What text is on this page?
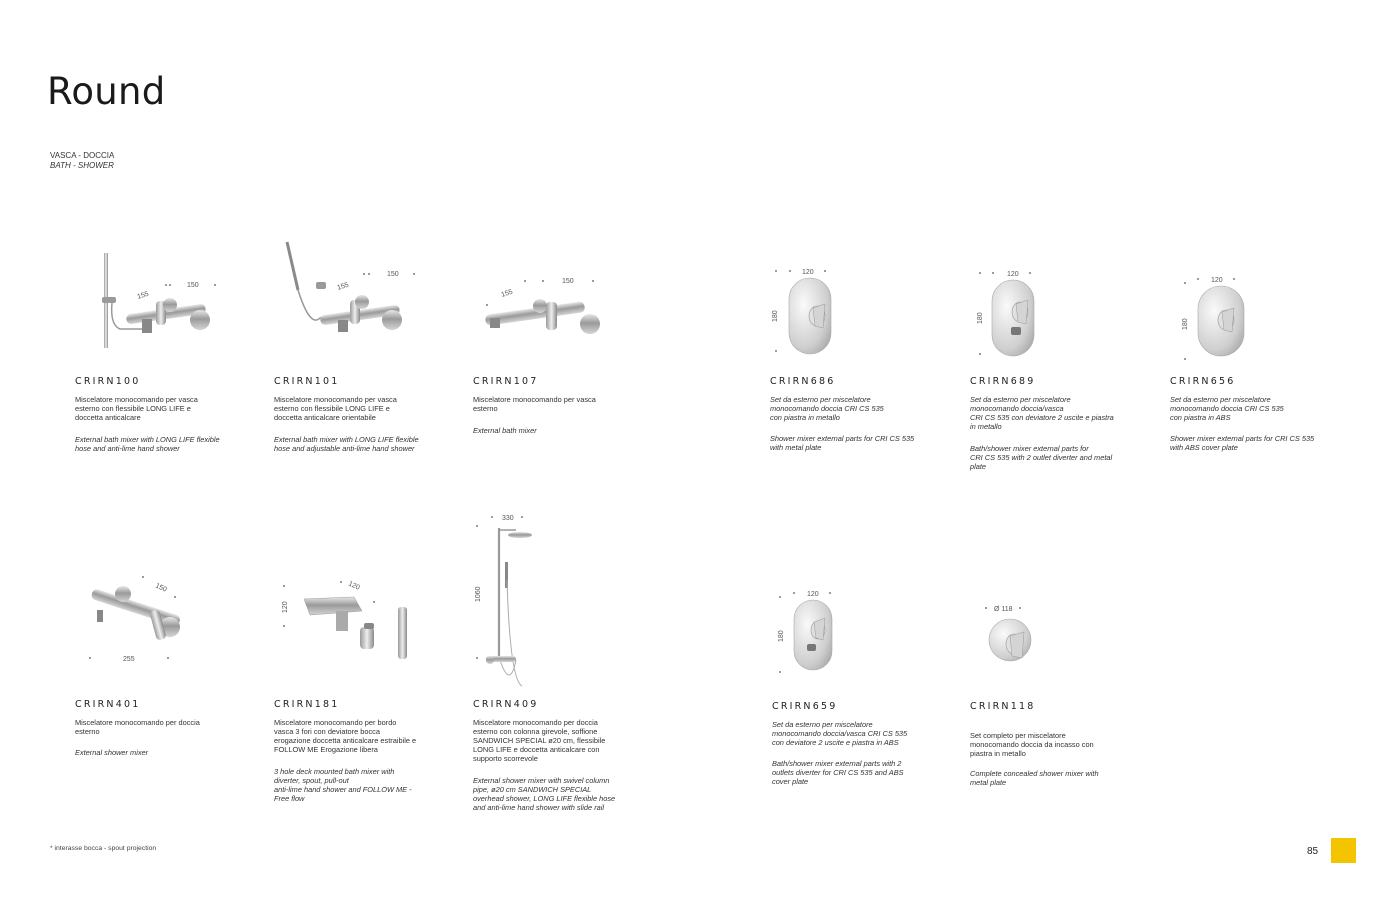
Round
VASCA - DOCCIA
BATH - SHOWER
155
150
CRIRN100
Miscelatore monocomando per vasca
esterno con flessibile LONG LIFE e
doccetta anticalcare
External bath mixer with LONG LIFE flexible
hose and anti-lime hand shower
155
150
CRIRN101
Miscelatore monocomando per vasca
esterno con flessibile LONG LIFE e
doccetta anticalcare orientabile
External bath mixer with LONG LIFE flexible
hose and adjustable anti-lime hand shower
155
150
CRIRN107
Miscelatore monocomando per vasca
esterno
External bath mixer
120
180
CRIRN686
Set da esterno per miscelatore
monocomando doccia CRI CS 535
con piastra in metallo
Shower mixer external parts for CRI CS 535
with metal plate
120
180
CRIRN689
Set da esterno per miscelatore
monocomando doccia/vasca
CRI CS 535 con deviatore 2 uscite e piastra
in metallo
Bath/shower mixer external parts for
CRI CS 535 with 2 outlet diverter and metal
plate
120
180
CRIRN656
Set da esterno per miscelatore
monocomando doccia CRI CS 535
con piastra in ABS
Shower mixer external parts for CRI CS 535
with ABS cover plate
150
255
CRIRN401
Miscelatore monocomando per doccia
esterno
External shower mixer
120
120
CRIRN181
Miscelatore monocomando per bordo
vasca 3 fori con deviatore bocca
erogazione doccetta anticalcare estraibile e
FOLLOW ME Erogazione libera
3 hole deck mounted bath mixer with
diverter, spout, pull-out
anti-lime hand shower and FOLLOW ME -
Free flow
330
1060
CRIRN409
Miscelatore monocomando per doccia
esterno con colonna girevole, soffione
SANDWICH SPECIAL ø20 cm, flessibile
LONG LIFE e doccetta anticalcare con
supporto scorrevole
External shower mixer with swivel column
pipe, ø20 cm SANDWICH SPECIAL
overhead shower, LONG LIFE flexible hose
and anti-lime hand shower with slide rail
120
180
CRIRN659
Set da esterno per miscelatore
monocomando doccia/vasca CRI CS 535
con deviatore 2 uscite e piastra in ABS
Bath/shower mixer external parts with 2
outlets diverter for CRI CS 535 and ABS
cover plate
Ø 118
CRIRN118
Set completo per miscelatore
monocomando doccia da incasso con
piastra in metallo
Complete concealed shower mixer with
metal plate
* interasse bocca - spout projection	85
